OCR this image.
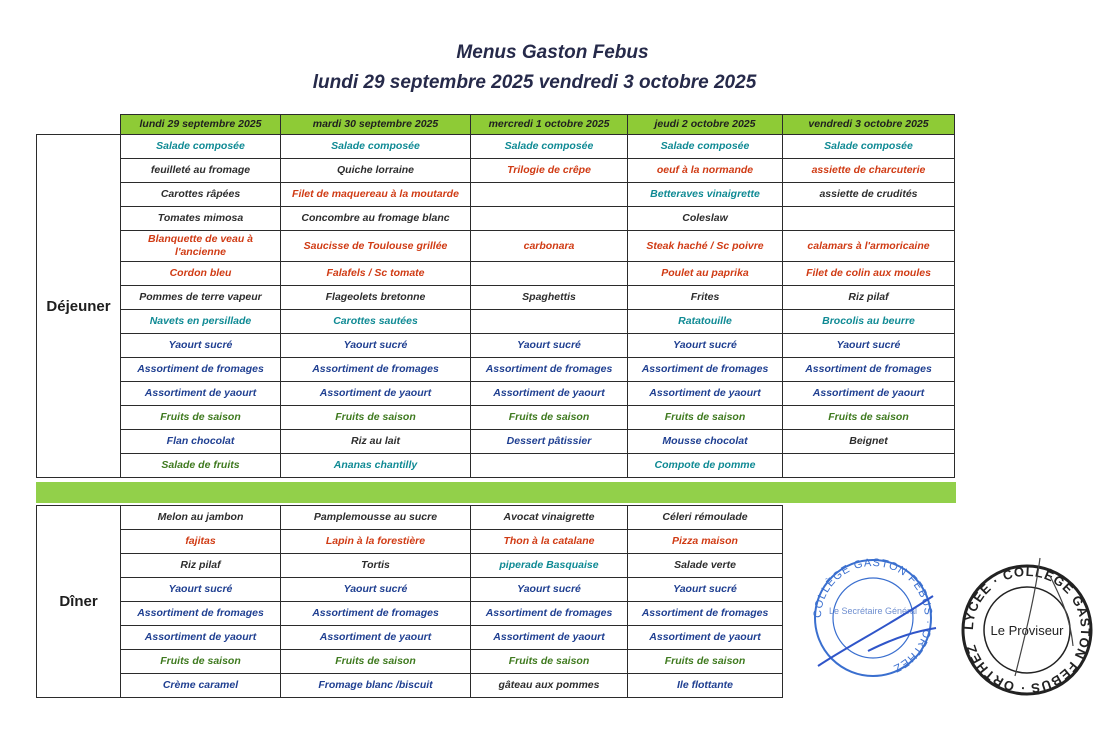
Menus Gaston Febus
lundi 29 septembre 2025 vendredi 3 octobre 2025
	lundi 29 septembre 2025	mardi 30 septembre 2025	mercredi 1 octobre 2025	jeudi 2 octobre 2025	vendredi 3 octobre 2025
Déjeuner	Salade composée	Salade composée	Salade composée	Salade composée	Salade composée
	feuilleté au fromage	Quiche lorraine	Trilogie de crêpe	oeuf à la normande	assiette de charcuterie
	Carottes râpées	Filet de maquereau à la moutarde		Betteraves vinaigrette	assiette de crudités
	Tomates mimosa	Concombre au fromage blanc		Coleslaw	
	Blanquette de veau à l'ancienne	Saucisse de Toulouse grillée	carbonara	Steak haché / Sc poivre	calamars à l'armoricaine
	Cordon bleu	Falafels / Sc tomate		Poulet au paprika	Filet de colin aux moules
	Pommes de terre vapeur	Flageolets bretonne	Spaghettis	Frites	Riz pilaf
	Navets en persillade	Carottes sautées		Ratatouille	Brocolis au beurre
	Yaourt sucré	Yaourt sucré	Yaourt sucré	Yaourt sucré	Yaourt sucré
	Assortiment de fromages	Assortiment de fromages	Assortiment de fromages	Assortiment de fromages	Assortiment de fromages
	Assortiment de yaourt	Assortiment de yaourt	Assortiment de yaourt	Assortiment de yaourt	Assortiment de yaourt
	Fruits de saison	Fruits de saison	Fruits de saison	Fruits de saison	Fruits de saison
	Flan chocolat	Riz au lait	Dessert pâtissier	Mousse chocolat	Beignet
	Salade de fruits	Ananas chantilly		Compote de pomme	
Dîner	Melon au jambon	Pamplemousse au sucre	Avocat vinaigrette	Céleri rémoulade
	fajitas	Lapin à la forestière	Thon à la catalane	Pizza maison
	Riz pilaf	Tortis	piperade Basquaise	Salade verte
	Yaourt sucré	Yaourt sucré	Yaourt sucré	Yaourt sucré
	Assortiment de fromages	Assortiment de fromages	Assortiment de fromages	Assortiment de fromages
	Assortiment de yaourt	Assortiment de yaourt	Assortiment de yaourt	Assortiment de yaourt
	Fruits de saison	Fruits de saison	Fruits de saison	Fruits de saison
	Crème caramel	Fromage blanc /biscuit	gâteau aux pommes	Ile flottante
COLLÈGE GASTON FEBUS · ORTHEZ
Le Secrétaire Général
LYCÉE · COLLÈGE GASTON FEBUS · ORTHEZ
Le Proviseur
